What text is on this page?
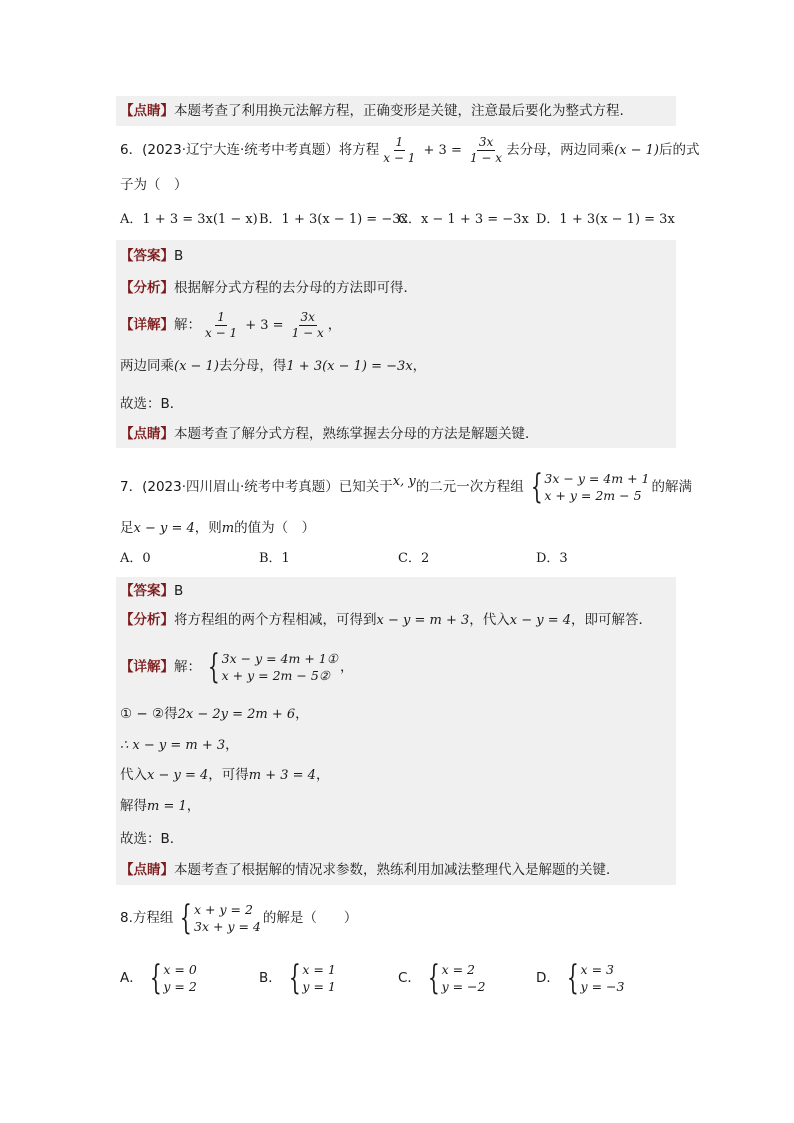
【点睛】本题考查了利用换元法解方程，正确变形是关键，注意最后要化为整式方程.
6．(2023·辽宁大连·统考中考真题）将方程 $\frac{1}{x - 1} + 3 = \frac{3x}{1 - x}$ 去分母，两边同乘(x − 1)后的式
子为（　）
A．1 + 3 = 3x(1 − x) B．1 + 3(x − 1) = −3x
C．x − 1 + 3 = −3x D．1 + 3(x − 1) = 3x
【答案】B
【分析】根据解分式方程的去分母的方法即可得．
【详解】解： $\frac{1}{x - 1} + 3 = \frac{3x}{1 - x}$ ，
两边同乘(x − 1)去分母，得1 + 3(x − 1) = −3x，
故选：B．
【点睛】本题考查了解分式方程，熟练掌握去分母的方法是解题关键．
7．(2023·四川眉山·统考中考真题）已知关于x, y的二元一次方程组 { 3x − y = 4m + 1
x + y = 2m − 5
的解满
足x − y = 4，则m的值为（　）
A．0	B．1	C．2	D．3
【答案】B
【分析】将方程组的两个方程相减，可得到x − y = m + 3，代入x − y = 4，即可解答．
【详解】解： { 3x − y = 4m + 1①
x + y = 2m − 5②
，
① − ②得2x − 2y = 2m + 6，
∴ x − y = m + 3，
代入x − y = 4，可得m + 3 = 4，
解得m = 1，
故选：B．
【点睛】本题考查了根据解的情况求参数，熟练利用加减法整理代入是解题的关键．
8.方程组 { x + y = 2
3x + y = 4
的解是（　　）
A． { x = 0
y = 2
B． { x = 1
y = 1
C． { x = 2
y = −2
D． { x = 3
y = −3
